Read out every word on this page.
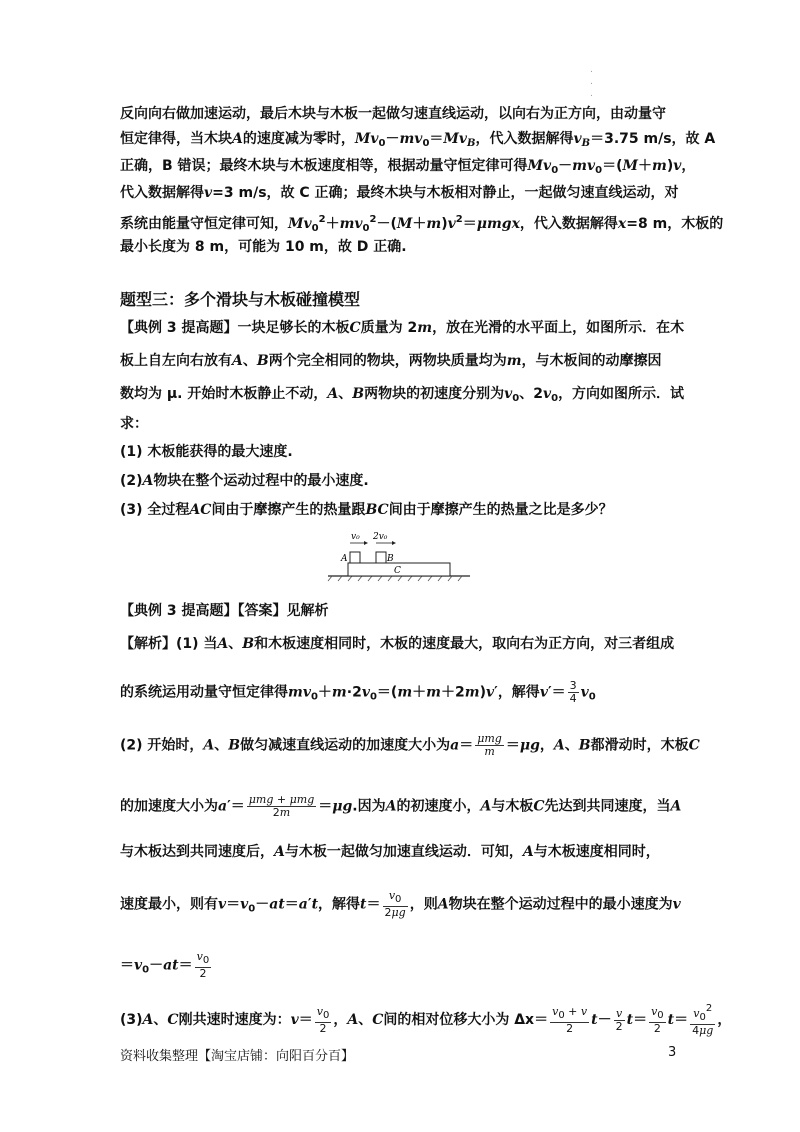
.
.
.
反向向右做加速运动，最后木块与木板一起做匀速直线运动，以向右为正方向，由动量守
恒定律得，当木块A的速度减为零时，$Mv_0-mv_0=Mv_B$，代入数据解得$v_B=3.75$ m/s，故 A
正确，B 错误；最终木块与木板速度相等，根据动量守恒定律可得$Mv_0-mv_0=(M+m)v$，
代入数据解得v=3 m/s，故 C 正确；最终木块与木板相对静止，一起做匀速直线运动，对
系统由能量守恒定律可知，$Mv_0^2+mv_0^2-(M+m)v^2=\mu mgx$，代入数据解得x=8 m，木板的
最小长度为 8 m，可能为 10 m，故 D 正确.
题型三：多个滑块与木板碰撞模型
【典例 3 提高题】一块足够长的木板C质量为 2m，放在光滑的水平面上，如图所示．在木
板上自左向右放有A、B两个完全相同的物块，两物块质量均为m，与木板间的动摩擦因
数均为 μ. 开始时木板静止不动，A、B两物块的初速度分别为$v_0$、$2v_0$，方向如图所示．试
求：
(1) 木板能获得的最大速度.
(2)A物块在整个运动过程中的最小速度.
(3) 全过程AC间由于摩擦产生的热量跟BC间由于摩擦产生的热量之比是多少？
v₀ 2v₀
A	B
C
【典例 3 提高题】【答案】见解析
【解析】(1) 当A、B和木板速度相同时，木板的速度最大，取向右为正方向，对三者组成
的系统运用动量守恒定律得$mv_0+m\cdot 2v_0=(m+m+2m)v'$，解得$v'= \frac{3}{4} v_0$
(2) 开始时，A、B做匀减速直线运动的加速度大小为$a= \frac{\text{μmg}}{m} =\mu g$，A、B都滑动时，木板C
的加速度大小为$a'= \frac{\text{μmg + μmg}}{2m} =\mu g$.因为A的初速度小，A与木板C先达到共同速度，当A
与木板达到共同速度后，A与木板一起做匀加速直线运动．可知，A与木板速度相同时，
速度最小，则有$v=v_0-at=a't$，解得$t= \frac{v_0}{2\mu g}$ ，则A物块在整个运动过程中的最小速度为v
$=v_0-at= \frac{v_0}{2}$
(3)A、C刚共速时速度为：$v= \frac{v_0}{2}$ ，A、C间的相对位移大小为 $\Delta x= \frac{v_0 + v}{2} t- \frac{v}{2} t= \frac{v_0}{2} t= \frac{v_0^2}{4\mu g}$ ，
资料收集整理【淘宝店铺：向阳百分百】	3
